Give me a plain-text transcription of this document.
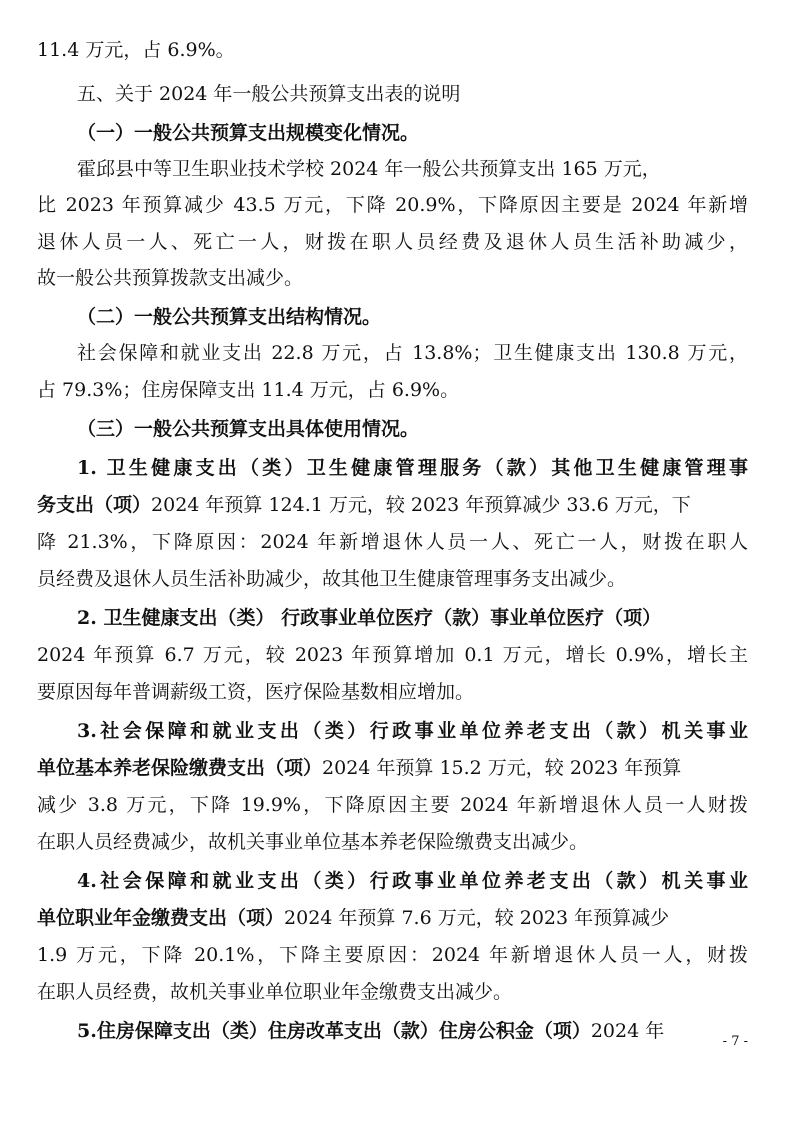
11.4 万元，占 6.9%。
五、关于 2024 年一般公共预算支出表的说明
（一）一般公共预算支出规模变化情况。
霍邱县中等卫生职业技术学校 2024 年一般公共预算支出 165 万元，
比 2023 年预算减少 43.5 万元，下降 20.9%，下降原因主要是 2024 年新增
退休人员一人、死亡一人，财拨在职人员经费及退休人员生活补助减少，
故一般公共预算拨款支出减少。
（二）一般公共预算支出结构情况。
社会保障和就业支出 22.8 万元，占 13.8%；卫生健康支出 130.8 万元，
占 79.3%；住房保障支出 11.4 万元，占 6.9%。
（三）一般公共预算支出具体使用情况。
1. 卫生健康支出（类）卫生健康管理服务（款）其他卫生健康管理事
务支出（项）2024 年预算 124.1 万元，较 2023 年预算减少 33.6 万元，下
降 21.3%，下降原因：2024 年新增退休人员一人、死亡一人，财拨在职人
员经费及退休人员生活补助减少，故其他卫生健康管理事务支出减少。
2. 卫生健康支出（类） 行政事业单位医疗（款）事业单位医疗（项）
2024 年预算 6.7 万元，较 2023 年预算增加 0.1 万元，增长 0.9%，增长主
要原因每年普调薪级工资，医疗保险基数相应增加。
3.社会保障和就业支出（类）行政事业单位养老支出（款）机关事业
单位基本养老保险缴费支出（项）2024 年预算 15.2 万元，较 2023 年预算
减少 3.8 万元，下降 19.9%，下降原因主要 2024 年新增退休人员一人财拨
在职人员经费减少，故机关事业单位基本养老保险缴费支出减少。
4.社会保障和就业支出（类）行政事业单位养老支出（款）机关事业
单位职业年金缴费支出（项）2024 年预算 7.6 万元，较 2023 年预算减少
1.9 万元，下降 20.1%，下降主要原因：2024 年新增退休人员一人，财拨
在职人员经费，故机关事业单位职业年金缴费支出减少。
5.住房保障支出（类）住房改革支出（款）住房公积金（项）2024 年	- 7 -
